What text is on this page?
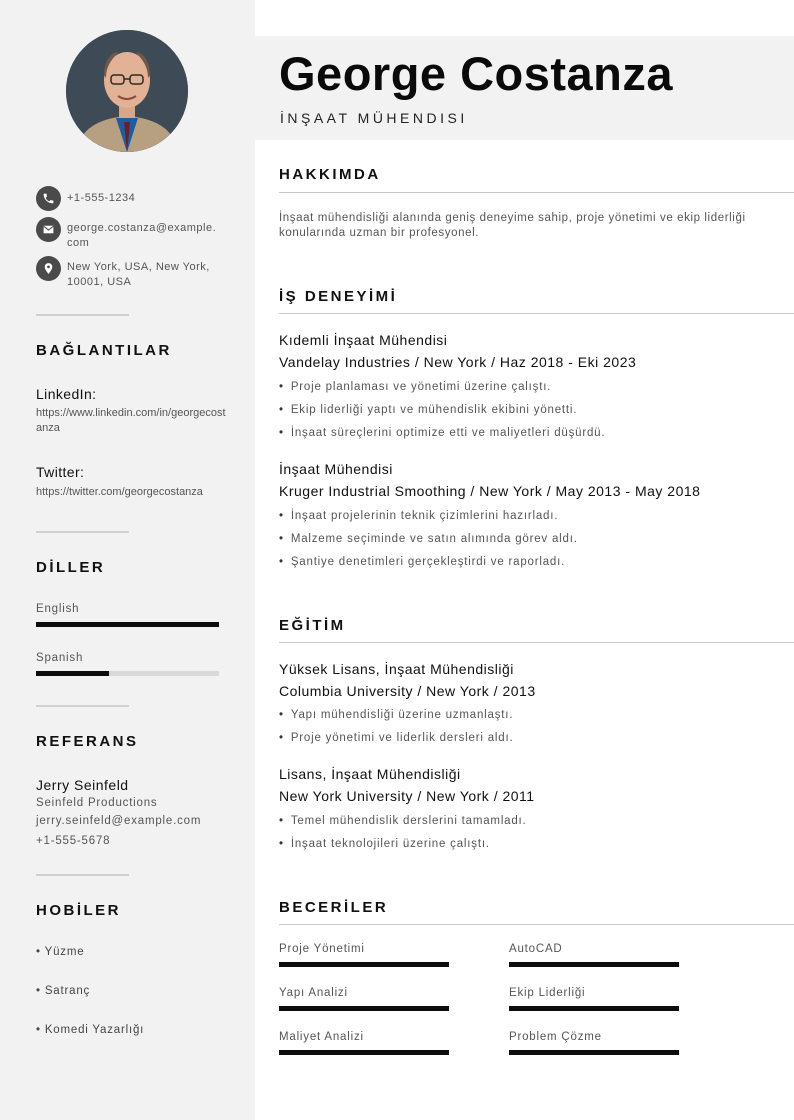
+1-555-1234
george.costanza@example.com
New York, USA, New York, 10001, USA
BAĞLANTILAR
LinkedIn:
https://www.linkedin.com/in/georgecostanza
Twitter:
https://twitter.com/georgecostanza
DİLLER
English
Spanish
REFERANS
Jerry Seinfeld
Seinfeld Productions
jerry.seinfeld@example.com
+1-555-5678
HOBİLER
• Yüzme
• Satranç
• Komedi Yazarlığı
George Costanza
İNŞAAT MÜHENDISI
HAKKIMDA
İnşaat mühendisliği alanında geniş deneyime sahip, proje yönetimi ve ekip liderliği konularında uzman bir profesyonel.
İŞ DENEYİMİ
Kıdemli İnşaat Mühendisi
Vandelay Industries / New York / Haz 2018 - Eki 2023
• Proje planlaması ve yönetimi üzerine çalıştı.
• Ekip liderliği yaptı ve mühendislik ekibini yönetti.
• İnşaat süreçlerini optimize etti ve maliyetleri düşürdü.
İnşaat Mühendisi
Kruger Industrial Smoothing / New York / May 2013 - May 2018
• İnşaat projelerinin teknik çizimlerini hazırladı.
• Malzeme seçiminde ve satın alımında görev aldı.
• Şantiye denetimleri gerçekleştirdi ve raporladı.
EĞİTİM
Yüksek Lisans, İnşaat Mühendisliği
Columbia University / New York / 2013
• Yapı mühendisliği üzerine uzmanlaştı.
• Proje yönetimi ve liderlik dersleri aldı.
Lisans, İnşaat Mühendisliği
New York University / New York / 2011
• Temel mühendislik derslerini tamamladı.
• İnşaat teknolojileri üzerine çalıştı.
BECERİLER
Proje Yönetimi	AutoCAD
Yapı Analizi	Ekip Liderliği
Maliyet Analizi	Problem Çözme
